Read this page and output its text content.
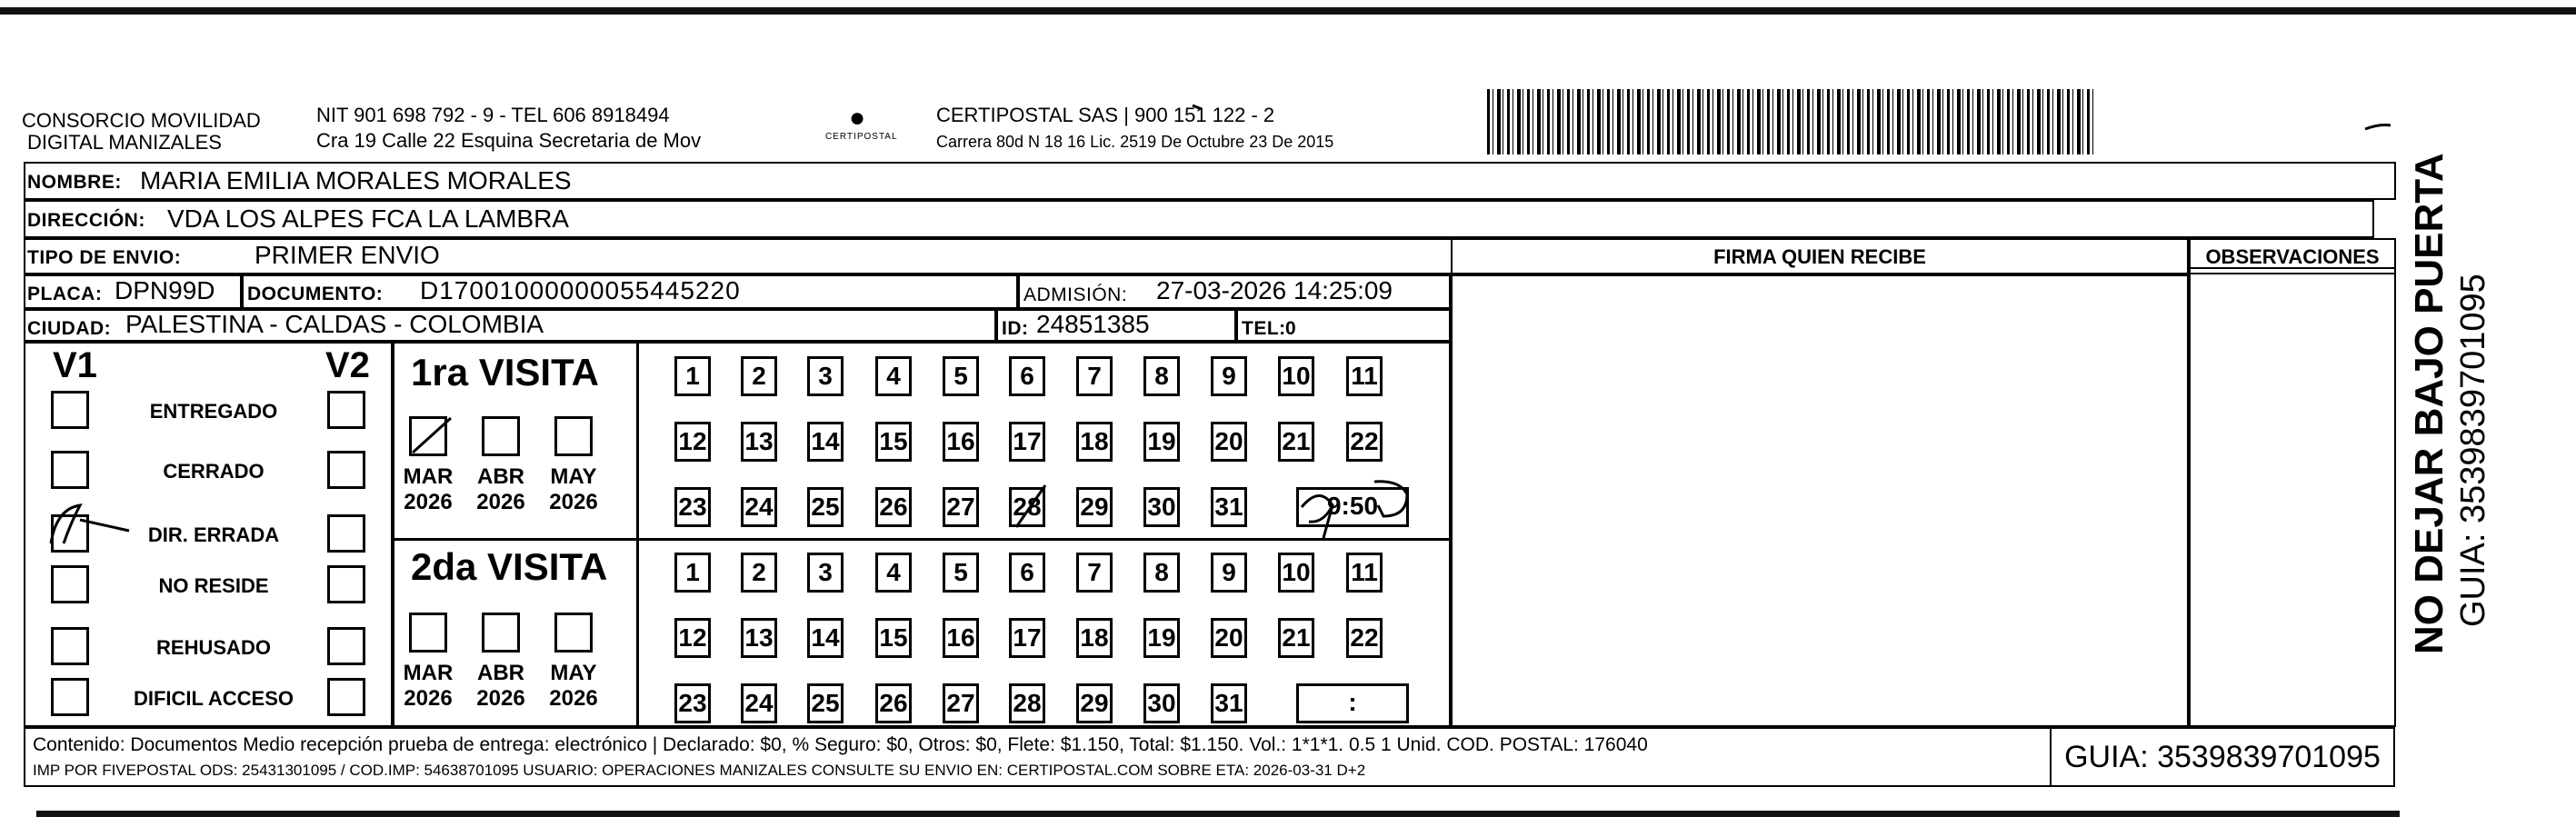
CONSORCIO MOVILIDAD
DIGITAL MANIZALES
NIT 901 698 792 - 9 - TEL 606 8918494
Cra 19 Calle 22 Esquina Secretaria de Mov
●
CERTIPOSTAL
CERTIPOSTAL SAS | 900 151 122 - 2
Carrera 80d N 18 16 Lic. 2519 De Octubre 23 De 2015
NOMBRE: MARIA EMILIA MORALES MORALES
DIRECCIÓN: VDA LOS ALPES FCA LA LAMBRA
TIPO DE ENVIO:	PRIMER ENVIO
PLACA: DPN99D DOCUMENTO: D17001000000055445220	ADMISIÓN: 27-03-2026 14:25:09
CIUDAD: PALESTINA - CALDAS - COLOMBIA	ID: 24851385	TEL: 0
FIRMA QUIEN RECIBE	OBSERVACIONES
V1	V2
ENTREGADO
CERRADO
DIR. ERRADA
NO RESIDE
REHUSADO
DIFICIL ACCESO
1ra VISITA
2da VISITA
MAR
2026
ABR
2026
MAY
2026
1	2	3	4	5	6	7	8	9	10 11
12 13 14 15 16 17 18 19 20 21 22
23 24 25 26 27 28 29 30 31	9:50
MAR
2026
ABR
2026
MAY
2026
1	2	3	4	5	6	7	8	9	10 11
12 13 14 15 16 17 18 19 20 21 22
23 24 25 26 27 28 29 30 31	:
Contenido: Documentos Medio recepción prueba de entrega: electrónico | Declarado: $0, % Seguro: $0, Otros: $0, Flete: $1.150, Total: $1.150. Vol.: 1*1*1. 0.5 1 Unid. COD. POSTAL: 176040
IMP POR FIVEPOSTAL ODS: 25431301095 / COD.IMP: 54638701095 USUARIO: OPERACIONES MANIZALES CONSULTE SU ENVIO EN: CERTIPOSTAL.COM SOBRE ETA: 2026-03-31 D+2	GUIA: 3539839701095
NO DEJAR BAJO PUERTA GUIA: 3539839701095
